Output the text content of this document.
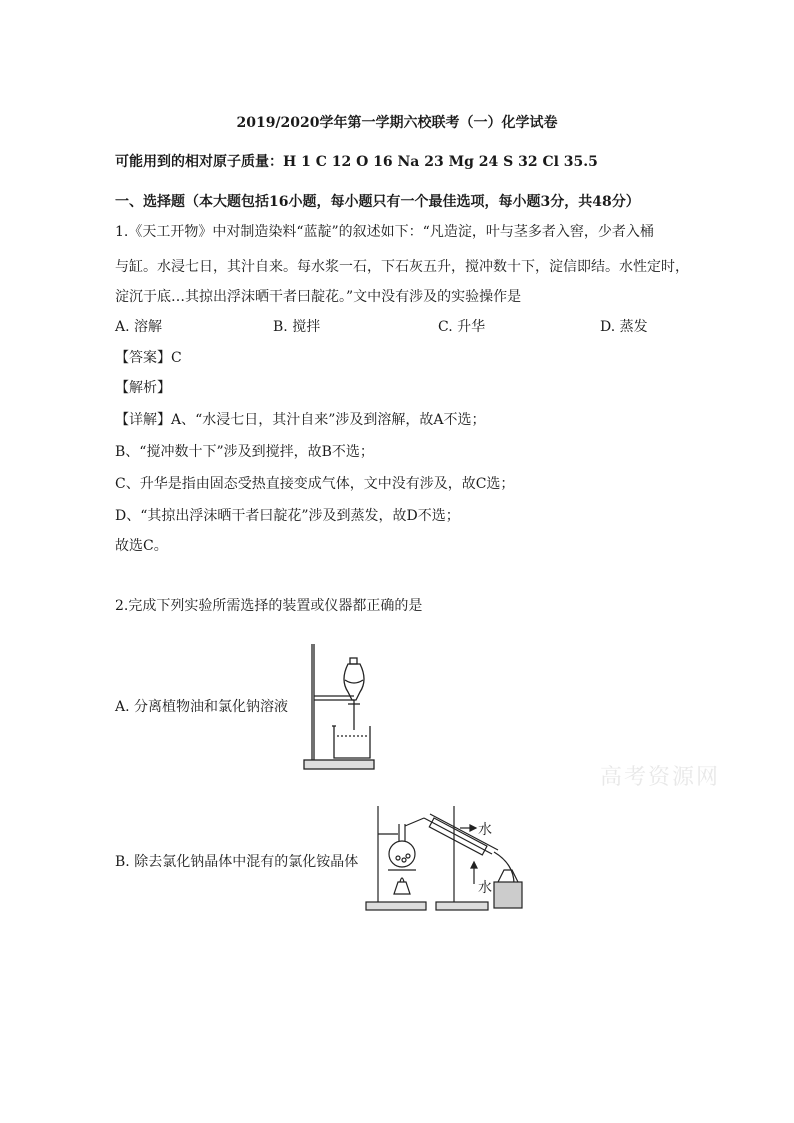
2019/2020学年第一学期六校联考（一）化学试卷
可能用到的相对原子质量：H 1 C 12 O 16 Na 23 Mg 24 S 32 Cl 35.5
一、选择题（本大题包括16小题，每小题只有一个最佳选项，每小题3分，共48分）
1.《天工开物》中对制造染料“蓝靛”的叙述如下：“凡造淀，叶与茎多者入窖，少者入桶
与缸。水浸七日，其汁自来。每水浆一石，下石灰五升，搅冲数十下，淀信即结。水性定时，
淀沉于底…其掠出浮沫晒干者曰靛花。”文中没有涉及的实验操作是
A. 溶解	B. 搅拌	C. 升华	D. 蒸发
【答案】C
【解析】
【详解】A、“水浸七日，其汁自来”涉及到溶解，故A不选；
B、“搅冲数十下”涉及到搅拌，故B不选；
C、升华是指由固态受热直接变成气体，文中没有涉及，故C选；
D、“其掠出浮沫晒干者曰靛花”涉及到蒸发，故D不选；
故选C。
2.完成下列实验所需选择的装置或仪器都正确的是
A. 分离植物油和氯化钠溶液
B. 除去氯化钠晶体中混有的氯化铵晶体
水
水
高考资源网
